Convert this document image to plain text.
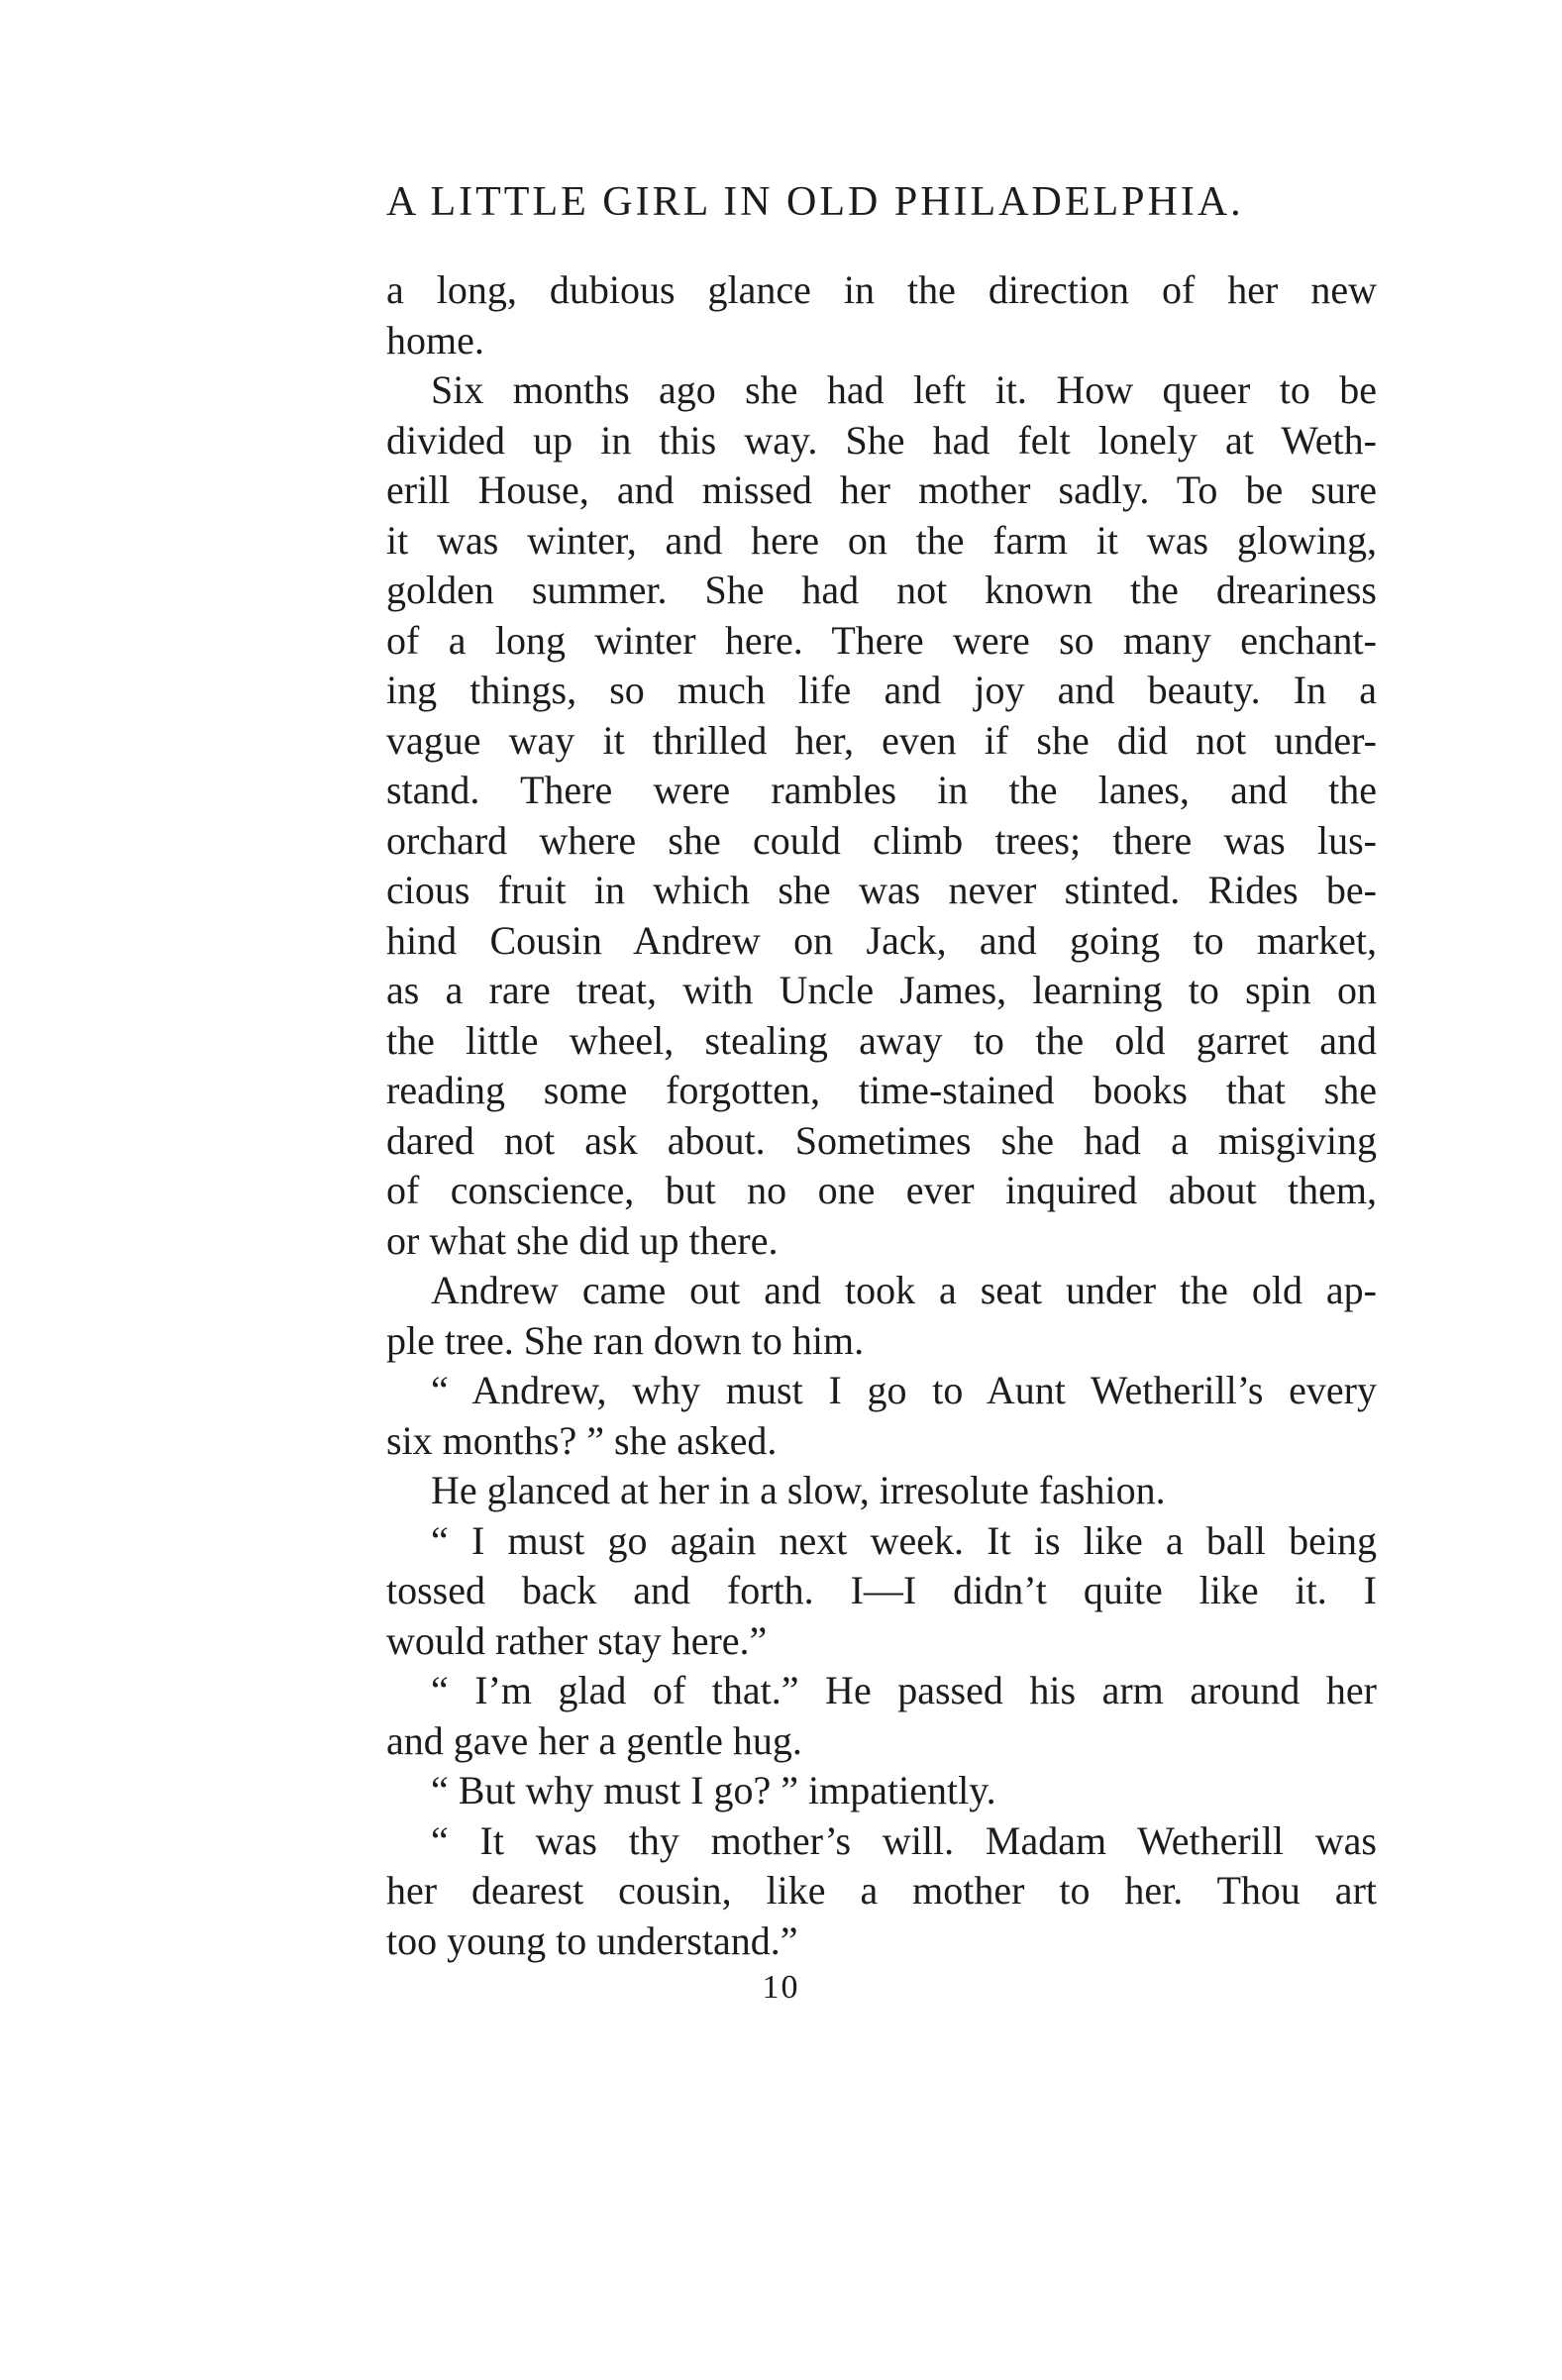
A LITTLE GIRL IN OLD PHILADELPHIA.
a long, dubious glance in the direction of her new
home.
Six months ago she had left it. How queer to be
divided up in this way. She had felt lonely at Weth-
erill House, and missed her mother sadly. To be sure
it was winter, and here on the farm it was glowing,
golden summer. She had not known the dreariness
of a long winter here. There were so many enchant-
ing things, so much life and joy and beauty. In a
vague way it thrilled her, even if she did not under-
stand. There were rambles in the lanes, and the
orchard where she could climb trees; there was lus-
cious fruit in which she was never stinted. Rides be-
hind Cousin Andrew on Jack, and going to market,
as a rare treat, with Uncle James, learning to spin on
the little wheel, stealing away to the old garret and
reading some forgotten, time-stained books that she
dared not ask about. Sometimes she had a misgiving
of conscience, but no one ever inquired about them,
or what she did up there.
Andrew came out and took a seat under the old ap-
ple tree. She ran down to him.
“ Andrew, why must I go to Aunt Wetherill’s every
six months? ” she asked.
He glanced at her in a slow, irresolute fashion.
“ I must go again next week. It is like a ball being
tossed back and forth. I—I didn’t quite like it. I
would rather stay here.”
“ I’m glad of that.” He passed his arm around her
and gave her a gentle hug.
“ But why must I go? ” impatiently.
“ It was thy mother’s will. Madam Wetherill was
her dearest cousin, like a mother to her. Thou art
too young to understand.”
10
